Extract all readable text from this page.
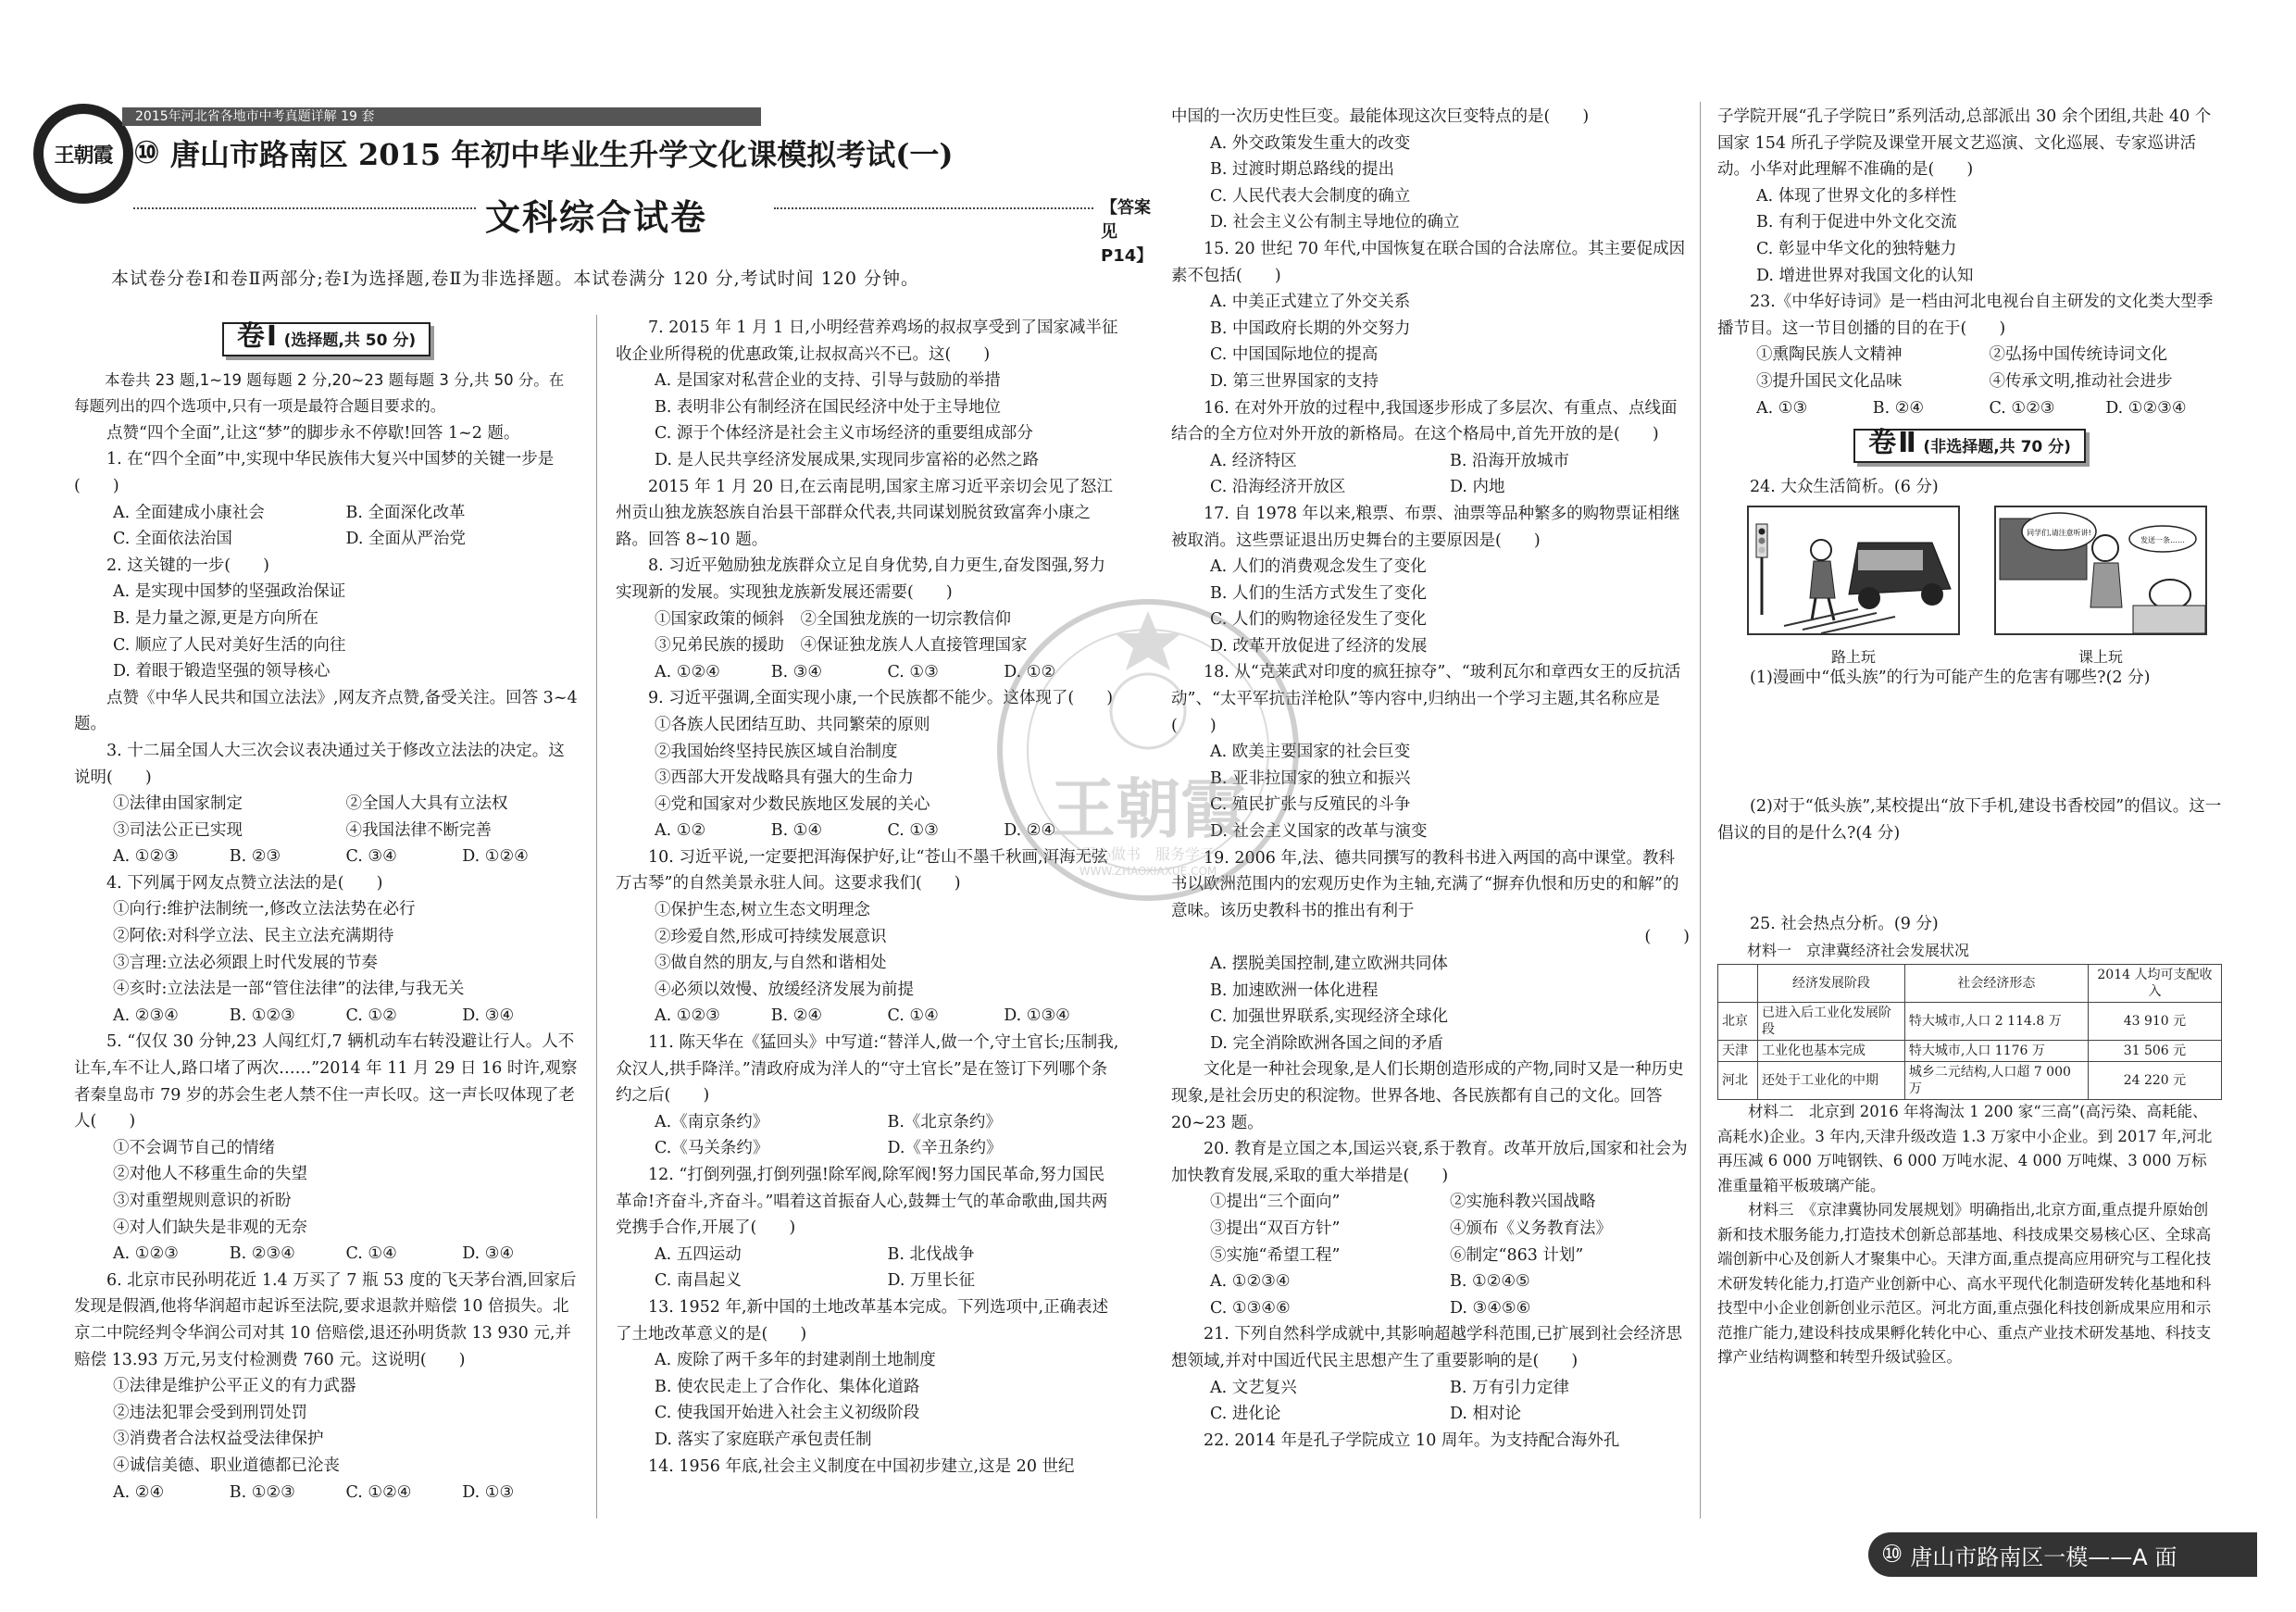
王朝霞
2015年河北省各地市中考真题详解 19 套
⑩ 唐山市路南区 2015 年初中毕业生升学文化课模拟考试(一)
文科综合试卷	【答案见 P14】

本试卷分卷Ⅰ和卷Ⅱ两部分;卷Ⅰ为选择题,卷Ⅱ为非选择题。本试卷满分 120 分,考试时间 120 分钟。

卷Ⅰ (选择题,共 50 分)

本卷共 23 题,1~19 题每题 2 分,20~23 题每题 3 分,共 50 分。在每题列出的四个选项中,只有一项是最符合题目要求的。

点赞“四个全面”,让这“梦”的脚步永不停歇!回答 1~2 题。

1. 在“四个全面”中,实现中华民族伟大复兴中国梦的关键一步是(　　)

A. 全面建成小康社会	B. 全面深化改革
C. 全面依法治国	D. 全面从严治党

2. 这关键的一步(　　)

A. 是实现中国梦的坚强政治保证

B. 是力量之源,更是方向所在

C. 顺应了人民对美好生活的向往

D. 着眼于锻造坚强的领导核心

点赞《中华人民共和国立法法》,网友齐点赞,备受关注。回答 3~4 题。

3. 十二届全国人大三次会议表决通过关于修改立法法的决定。这说明(　　)

①法律由国家制定	②全国人大具有立法权
③司法公正已实现	④我国法律不断完善
A. ①②③	B. ②③	C. ③④	D. ①②④

4. 下列属于网友点赞立法法的是(　　)

①向行:维护法制统一,修改立法法势在必行

②阿依:对科学立法、民主立法充满期待

③言理:立法必须跟上时代发展的节奏

④亥时:立法法是一部“管住法律”的法律,与我无关

A. ②③④	B. ①②③	C. ①②	D. ③④

5. “仅仅 30 分钟,23 人闯红灯,7 辆机动车右转没避让行人。人不让车,车不让人,路口堵了两次……”2014 年 11 月 29 日 16 时许,观察者秦皇岛市 79 岁的苏会生老人禁不住一声长叹。这一声长叹体现了老人(　　)

①不会调节自己的情绪

②对他人不移重生命的失望

③对重塑规则意识的祈盼

④对人们缺失是非观的无奈

A. ①②③	B. ②③④	C. ①④	D. ③④

6. 北京市民孙明花近 1.4 万买了 7 瓶 53 度的飞天茅台酒,回家后发现是假酒,他将华润超市起诉至法院,要求退款并赔偿 10 倍损失。北京二中院经判令华润公司对其 10 倍赔偿,退还孙明货款 13 930 元,并赔偿 13.93 万元,另支付检测费 760 元。这说明(　　)

①法律是维护公平正义的有力武器

②违法犯罪会受到刑罚处罚

③消费者合法权益受法律保护

④诚信美德、职业道德都已沦丧

A. ②④	B. ①②③	C. ①②④	D. ①③

7. 2015 年 1 月 1 日,小明经营养鸡场的叔叔享受到了国家减半征收企业所得税的优惠政策,让叔叔高兴不已。这(　　)

A. 是国家对私营企业的支持、引导与鼓励的举措

B. 表明非公有制经济在国民经济中处于主导地位

C. 源于个体经济是社会主义市场经济的重要组成部分

D. 是人民共享经济发展成果,实现同步富裕的必然之路

2015 年 1 月 20 日,在云南昆明,国家主席习近平亲切会见了怒江州贡山独龙族怒族自治县干部群众代表,共同谋划脱贫致富奔小康之路。回答 8~10 题。

8. 习近平勉励独龙族群众立足自身优势,自力更生,奋发图强,努力实现新的发展。实现独龙族新发展还需要(　　)

①国家政策的倾斜　②全国独龙族的一切宗教信仰

③兄弟民族的援助　④保证独龙族人人直接管理国家

A. ①②④	B. ③④	C. ①③	D. ①②

9. 习近平强调,全面实现小康,一个民族都不能少。这体现了(　　)

①各族人民团结互助、共同繁荣的原则

②我国始终坚持民族区域自治制度

③西部大开发战略具有强大的生命力

④党和国家对少数民族地区发展的关心

A. ①②	B. ①④	C. ①③	D. ②④

10. 习近平说,一定要把洱海保护好,让“苍山不墨千秋画,洱海无弦万古琴”的自然美景永驻人间。这要求我们(　　)

①保护生态,树立生态文明理念

②珍爱自然,形成可持续发展意识

③做自然的朋友,与自然和谐相处

④必须以效慢、放缓经济发展为前提

A. ①②③	B. ②④	C. ①④	D. ①③④

11. 陈天华在《猛回头》中写道:“替洋人,做一个,守土官长;压制我,众汉人,拱手降洋。”清政府成为洋人的“守土官长”是在签订下列哪个条约之后(　　)

A.《南京条约》	B.《北京条约》
C.《马关条约》	D.《辛丑条约》

12. “打倒列强,打倒列强!除军阀,除军阀!努力国民革命,努力国民革命!齐奋斗,齐奋斗。”唱着这首振奋人心,鼓舞士气的革命歌曲,国共两党携手合作,开展了(　　)

A. 五四运动	B. 北伐战争
C. 南昌起义	D. 万里长征

13. 1952 年,新中国的土地改革基本完成。下列选项中,正确表述了土地改革意义的是(　　)

A. 废除了两千多年的封建剥削土地制度

B. 使农民走上了合作化、集体化道路

C. 使我国开始进入社会主义初级阶段

D. 落实了家庭联产承包责任制

14. 1956 年底,社会主义制度在中国初步建立,这是 20 世纪

中国的一次历史性巨变。最能体现这次巨变特点的是(　　)

A. 外交政策发生重大的改变

B. 过渡时期总路线的提出

C. 人民代表大会制度的确立

D. 社会主义公有制主导地位的确立

15. 20 世纪 70 年代,中国恢复在联合国的合法席位。其主要促成因素不包括(　　)

A. 中美正式建立了外交关系

B. 中国政府长期的外交努力

C. 中国国际地位的提高

D. 第三世界国家的支持

16. 在对外开放的过程中,我国逐步形成了多层次、有重点、点线面结合的全方位对外开放的新格局。在这个格局中,首先开放的是(　　)

A. 经济特区	B. 沿海开放城市
C. 沿海经济开放区	D. 内地

17. 自 1978 年以来,粮票、布票、油票等品种繁多的购物票证相继被取消。这些票证退出历史舞台的主要原因是(　　)

A. 人们的消费观念发生了变化

B. 人们的生活方式发生了变化

C. 人们的购物途径发生了变化

D. 改革开放促进了经济的发展

18. 从“克莱武对印度的疯狂掠夺”、“玻利瓦尔和章西女王的反抗活动”、“太平军抗击洋枪队”等内容中,归纳出一个学习主题,其名称应是(　　)

A. 欧美主要国家的社会巨变

B. 亚非拉国家的独立和振兴

C. 殖民扩张与反殖民的斗争

D. 社会主义国家的改革与演变

19. 2006 年,法、德共同撰写的教科书进入两国的高中课堂。教科书以欧洲范围内的宏观历史作为主轴,充满了“摒弃仇恨和历史的和解”的意味。该历史教科书的推出有利于

(　　)

A. 摆脱美国控制,建立欧洲共同体

B. 加速欧洲一体化进程

C. 加强世界联系,实现经济全球化

D. 完全消除欧洲各国之间的矛盾

文化是一种社会现象,是人们长期创造形成的产物,同时又是一种历史现象,是社会历史的积淀物。世界各地、各民族都有自己的文化。回答 20~23 题。

20. 教育是立国之本,国运兴衰,系于教育。改革开放后,国家和社会为加快教育发展,采取的重大举措是(　　)

①提出“三个面向”	②实施科教兴国战略
③提出“双百方针”	④颁布《义务教育法》
⑤实施“希望工程”	⑥制定“863 计划”
A. ①②③④	B. ①②④⑤
C. ①③④⑥	D. ③④⑤⑥

21. 下列自然科学成就中,其影响超越学科范围,已扩展到社会经济思想领域,并对中国近代民主思想产生了重要影响的是(　　)

A. 文艺复兴	B. 万有引力定律
C. 进化论	D. 相对论

22. 2014 年是孔子学院成立 10 周年。为支持配合海外孔

子学院开展“孔子学院日”系列活动,总部派出 30 余个团组,共赴 40 个国家 154 所孔子学院及课堂开展文艺巡演、文化巡展、专家巡讲活动。小华对此理解不准确的是(　　)

A. 体现了世界文化的多样性

B. 有利于促进中外文化交流

C. 彰显中华文化的独特魅力

D. 增进世界对我国文化的认知

23.《中华好诗词》是一档由河北电视台自主研发的文化类大型季播节目。这一节目创播的目的在于(　　)

①熏陶民族人文精神	②弘扬中国传统诗词文化
③提升国民文化品味	④传承文明,推动社会进步
A. ①③	B. ②④	C. ①②③	D. ①②③④
卷Ⅱ (非选择题,共 70 分)

24. 大众生活简析。(6 分)

路上玩
同学们,请注意听讲!
发送一条……
课上玩

(1)漫画中“低头族”的行为可能产生的危害有哪些?(2 分)

(2)对于“低头族”,某校提出“放下手机,建设书香校园”的倡议。这一倡议的目的是什么?(4 分)

25. 社会热点分析。(9 分)

材料一　京津冀经济社会发展状况

	经济发展阶段	社会经济形态	2014 人均可支配收入
北京	已进入后工业化发展阶段	特大城市,人口 2 114.8 万	43 910 元
天津	工业化也基本完成	特大城市,人口 1176 万	31 506 元
河北	还处于工业化的中期	城乡二元结构,人口超 7 000 万	24 220 元

材料二　北京到 2016 年将淘汰 1 200 家“三高”(高污染、高耗能、高耗水)企业。3 年内,天津升级改造 1.3 万家中小企业。到 2017 年,河北再压减 6 000 万吨钢铁、6 000 万吨水泥、4 000 万吨煤、3 000 万标准重量箱平板玻璃产能。

材料三　《京津冀协同发展规划》明确指出,北京方面,重点提升原始创新和技术服务能力,打造技术创新总部基地、科技成果交易核心区、全球高端创新中心及创新人才聚集中心。天津方面,重点提高应用研究与工程化技术研发转化能力,打造产业创新中心、高水平现代化制造研发转化基地和科技型中小企业创新创业示范区。河北方面,重点强化科技创新成果应用和示范推广能力,建设科技成果孵化转化中心、重点产业技术研发基地、科技支撑产业结构调整和转型升级试验区。

王朝霞
用心做书　服务学子
WWW.ZHAOXIAXUE.COM
⑩ 唐山市路南区一模——A 面
